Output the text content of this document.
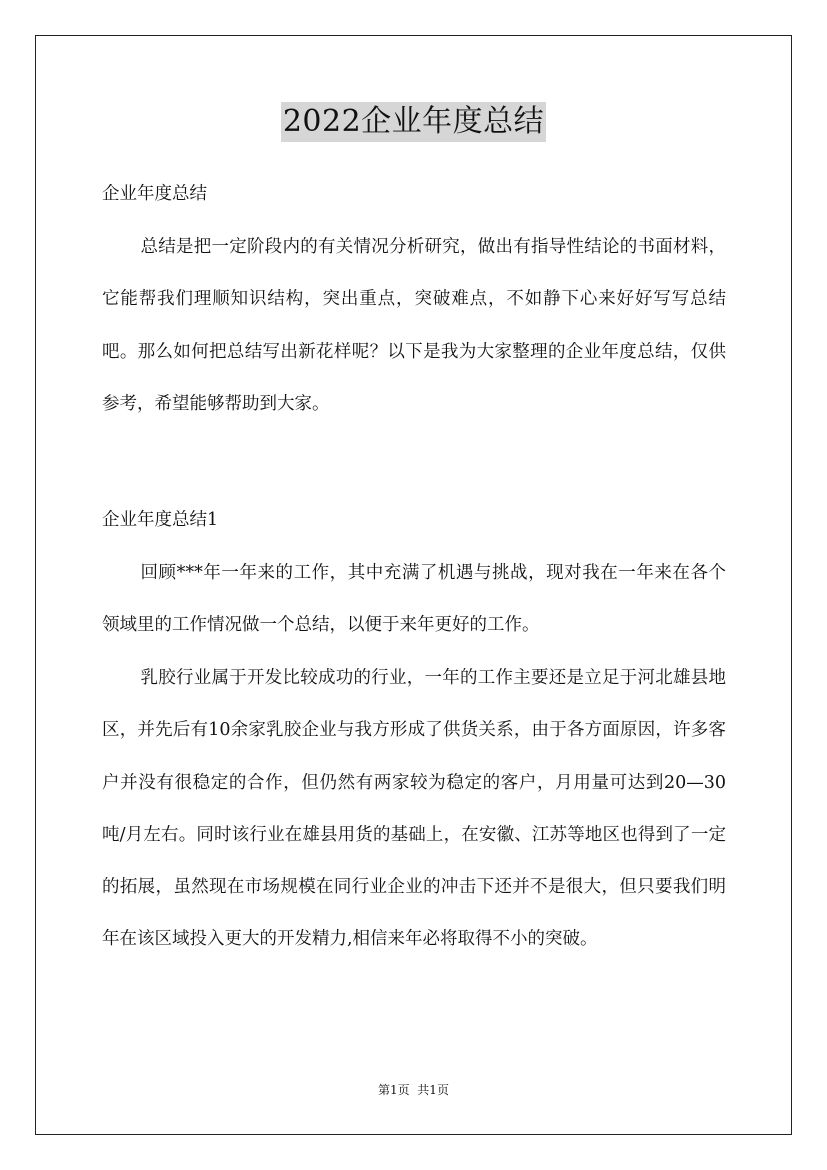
2022企业年度总结
企业年度总结

总结是把一定阶段内的有关情况分析研究，做出有指导性结论的书面材料，它能帮我们理顺知识结构，突出重点，突破难点，不如静下心来好好写写总结吧。那么如何把总结写出新花样呢？以下是我为大家整理的企业年度总结，仅供参考，希望能够帮助到大家。

企业年度总结1

回顾***年一年来的工作，其中充满了机遇与挑战，现对我在一年来在各个领域里的工作情况做一个总结，以便于来年更好的工作。

乳胶行业属于开发比较成功的行业，一年的工作主要还是立足于河北雄县地区，并先后有10余家乳胶企业与我方形成了供货关系，由于各方面原因，许多客户并没有很稳定的合作，但仍然有两家较为稳定的客户，月用量可达到20—30吨/月左右。同时该行业在雄县用货的基础上，在安徽、江苏等地区也得到了一定的拓展，虽然现在市场规模在同行业企业的冲击下还并不是很大，但只要我们明年在该区域投入更大的开发精力,相信来年必将取得不小的突破。

第1页  共1页
